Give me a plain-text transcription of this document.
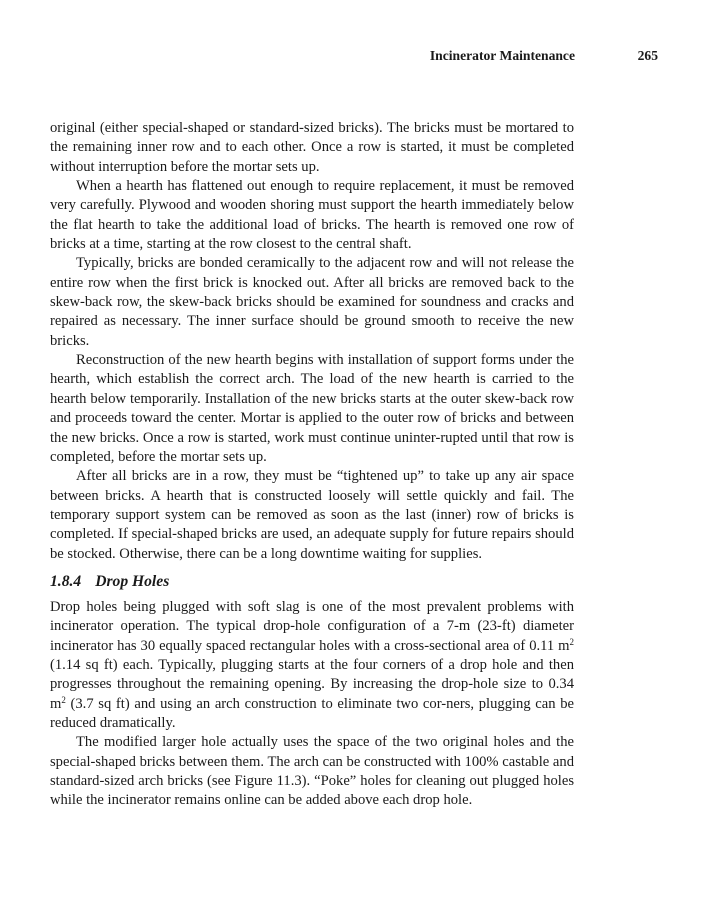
Incinerator Maintenance	265

original (either special-shaped or standard-sized bricks). The bricks must be mortared to the remaining inner row and to each other. Once a row is started, it must be completed without interruption before the mortar sets up.

When a hearth has flattened out enough to require replacement, it must be removed very carefully. Plywood and wooden shoring must support the hearth immediately below the flat hearth to take the additional load of bricks. The hearth is removed one row of bricks at a time, starting at the row closest to the central shaft.

Typically, bricks are bonded ceramically to the adjacent row and will not release the entire row when the first brick is knocked out. After all bricks are removed back to the skew-back row, the skew-back bricks should be examined for soundness and cracks and repaired as necessary. The inner surface should be ground smooth to receive the new bricks.

Reconstruction of the new hearth begins with installation of support forms under the hearth, which establish the correct arch. The load of the new hearth is carried to the hearth below temporarily. Installation of the new bricks starts at the outer skew-back row and proceeds toward the center. Mortar is applied to the outer row of bricks and between the new bricks. Once a row is started, work must continue uninter-rupted until that row is completed, before the mortar sets up.

After all bricks are in a row, they must be “tightened up” to take up any air space between bricks. A hearth that is constructed loosely will settle quickly and fail. The temporary support system can be removed as soon as the last (inner) row of bricks is completed. If special-shaped bricks are used, an adequate supply for future repairs should be stocked. Otherwise, there can be a long downtime waiting for supplies.

1.8.4 Drop Holes

Drop holes being plugged with soft slag is one of the most prevalent problems with incinerator operation. The typical drop-hole configuration of a 7-m (23-ft) diameter incinerator has 30 equally spaced rectangular holes with a cross-sectional area of 0.11 $m^2$ (1.14 sq ft) each. Typically, plugging starts at the four corners of a drop hole and then progresses throughout the remaining opening. By increasing the drop-hole size to 0.34 $m^2$ (3.7 sq ft) and using an arch construction to eliminate two cor-ners, plugging can be reduced dramatically.

The modified larger hole actually uses the space of the two original holes and the special-shaped bricks between them. The arch can be constructed with 100% castable and standard-sized arch bricks (see Figure 11.3). “Poke” holes for cleaning out plugged holes while the incinerator remains online can be added above each drop hole.
